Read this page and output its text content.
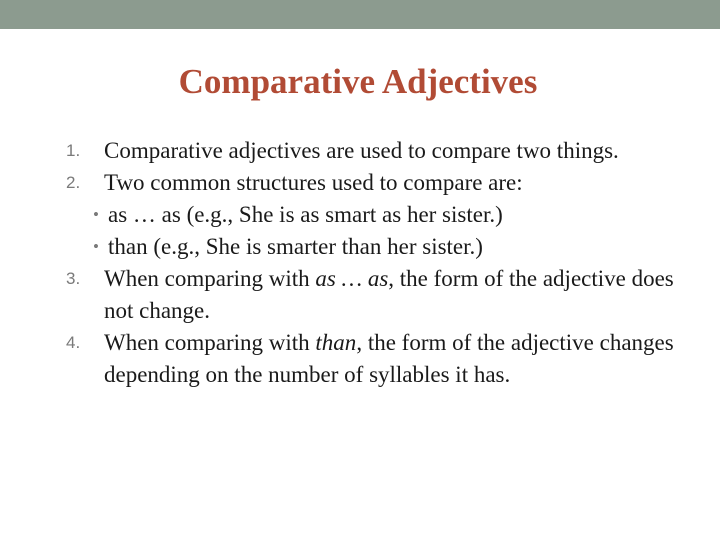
Comparative Adjectives
1.	Comparative adjectives are used to compare two things.
2.	Two common structures used to compare are:
• as … as (e.g., She is as smart as her sister.)
• than (e.g., She is smarter than her sister.)
3.	When comparing with as … as, the form of the adjective does not change.
4.	When comparing with than, the form of the adjective changes depending on the number of syllables it has.
